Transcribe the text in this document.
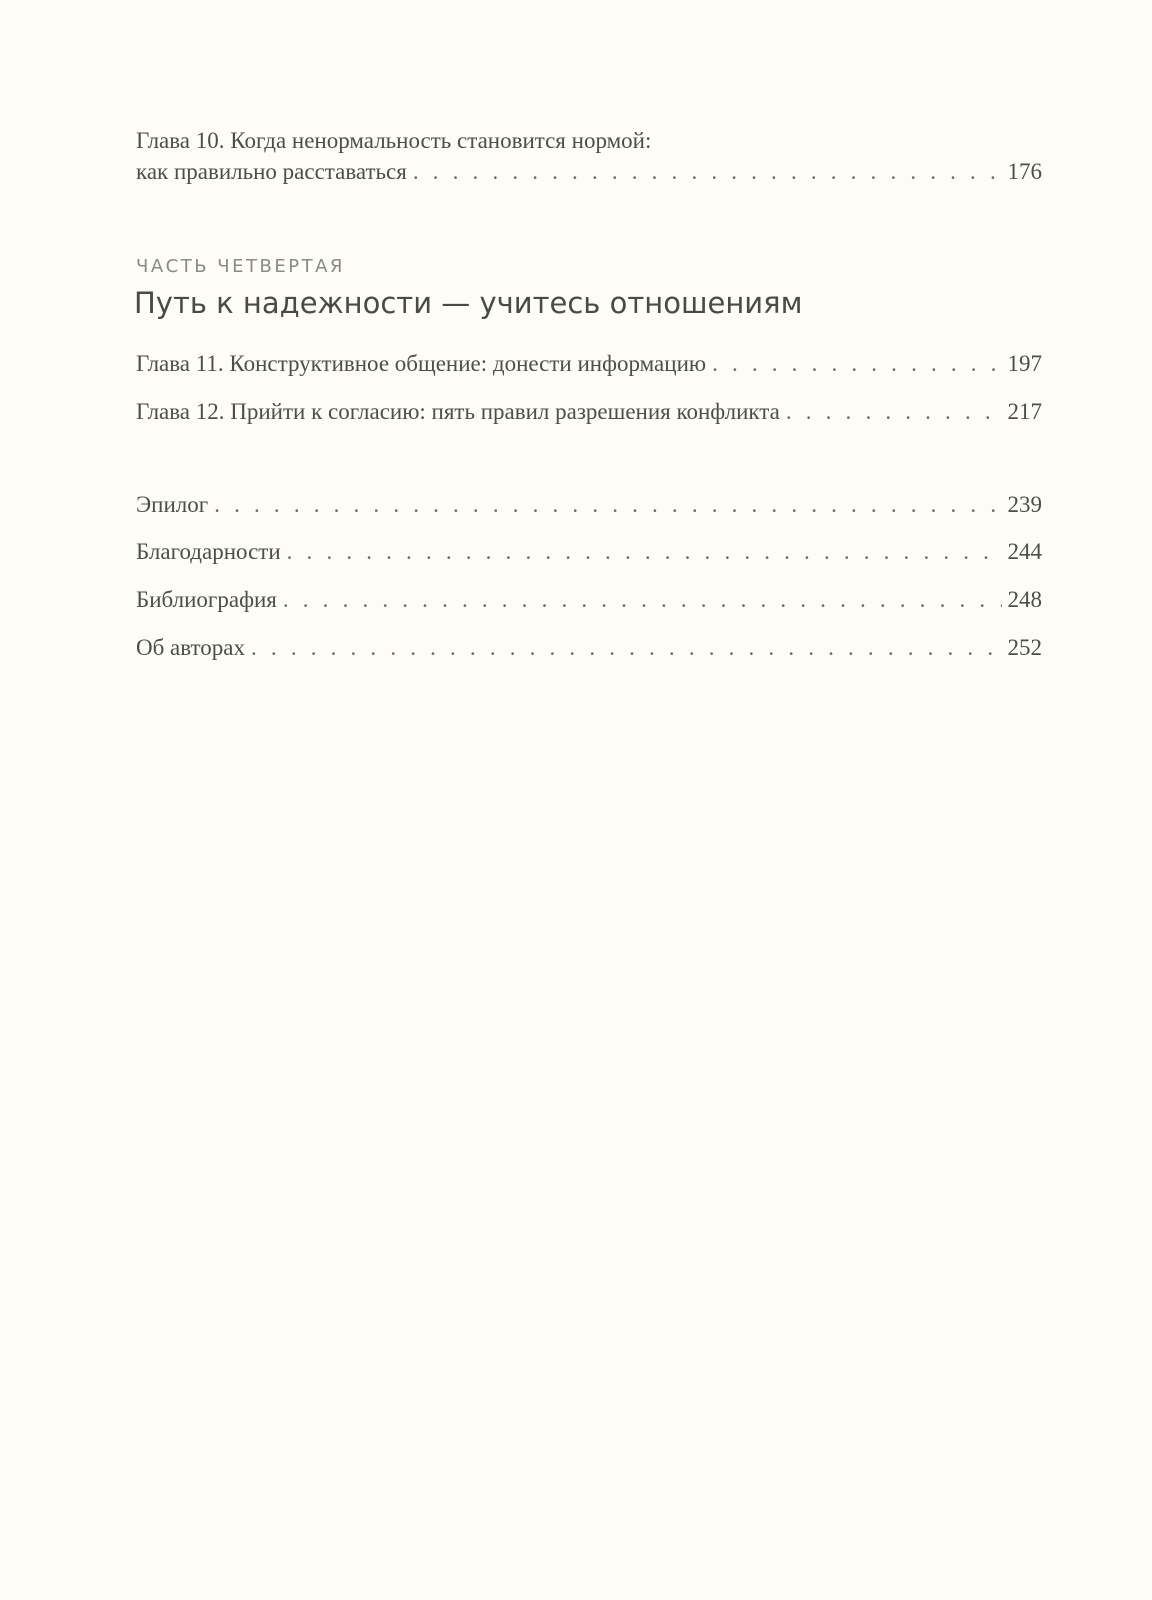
Глава 10. Когда ненормальность становится нормой:
как правильно расставаться . . .	176
ЧАСТЬ ЧЕТВЕРТАЯ
Путь к надежности — учитесь отношениям
Глава 11. Конструктивное общение: донести информацию . . .	197
Глава 12. Прийти к согласию: пять правил разрешения конфликта . . .	217
Эпилог . . .	239
Благодарности . . .	244
Библиография . . .	248
Об авторах . . .	252
